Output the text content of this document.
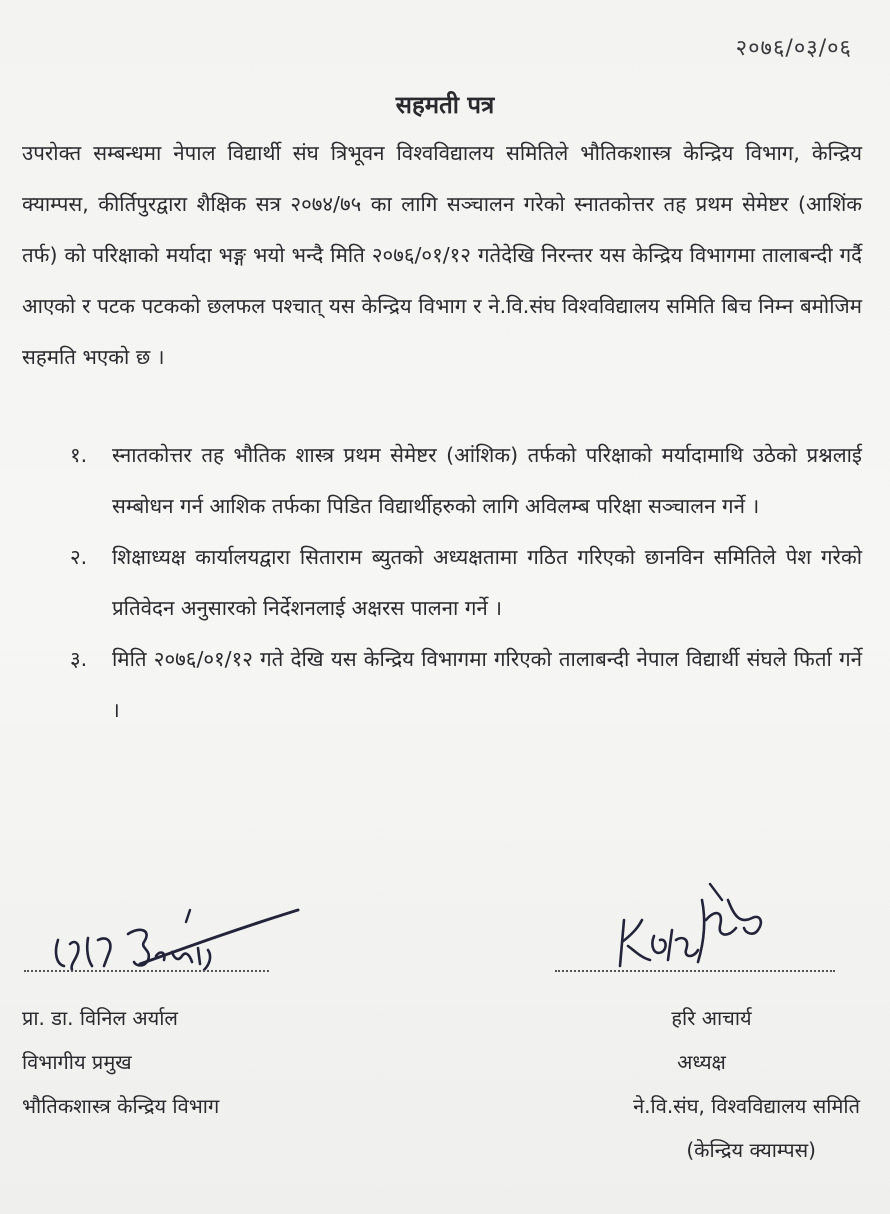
२०७६/०३/०६
सहमती पत्र
उपरोक्त सम्बन्धमा नेपाल विद्यार्थी संघ त्रिभूवन विश्वविद्यालय समितिले भौतिकशास्त्र केन्द्रिय विभाग, केन्द्रिय क्याम्पस, कीर्तिपुरद्वारा शैक्षिक सत्र २०७४/७५ का लागि सञ्चालन गरेको स्नातकोत्तर तह प्रथम सेमेष्टर (आशिंक तर्फ) को परिक्षाको मर्यादा भङ्ग भयो भन्दै मिति २०७६/०१/१२ गतेदेखि निरन्तर यस केन्द्रिय विभागमा तालाबन्दी गर्दै आएको र पटक पटकको छलफल पश्चात् यस केन्द्रिय विभाग र ने.वि.संघ विश्वविद्यालय समिति बिच निम्न बमोजिम सहमति भएको छ ।
१.	स्नातकोत्तर तह भौतिक शास्त्र प्रथम सेमेष्टर (आंशिक) तर्फको परिक्षाको मर्यादामाथि उठेको प्रश्नलाई सम्बोधन गर्न आशिक तर्फका पिडित विद्यार्थीहरुको लागि अविलम्ब परिक्षा सञ्चालन गर्ने ।
२.	शिक्षाध्यक्ष कार्यालयद्वारा सिताराम ब्युतको अध्यक्षतामा गठित गरिएको छानविन समितिले पेश गरेको प्रतिवेदन अनुसारको निर्देशनलाई अक्षरस पालना गर्ने ।
३.	मिति २०७६/०१/१२ गते देखि यस केन्द्रिय विभागमा गरिएको तालाबन्दी नेपाल विद्यार्थी संघले फिर्ता गर्ने ।
प्रा. डा. विनिल अर्याल
विभागीय प्रमुख
भौतिकशास्त्र केन्द्रिय विभाग
हरि आचार्य
अध्यक्ष
ने.वि.संघ, विश्वविद्यालय समिति
(केन्द्रिय क्याम्पस)
